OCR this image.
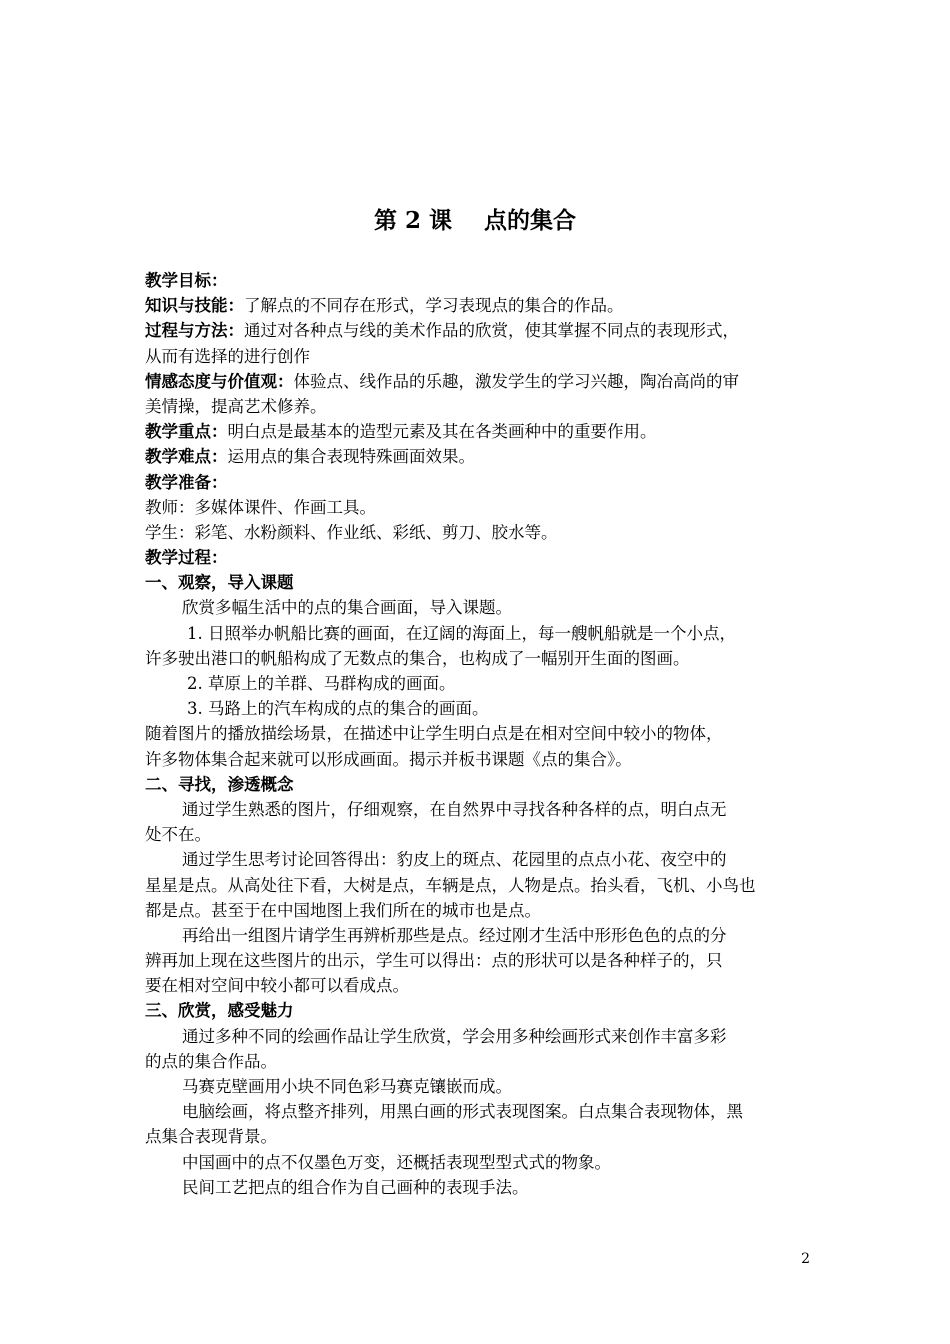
第 2 课    点的集合
教学目标：
知识与技能：了解点的不同存在形式，学习表现点的集合的作品。
过程与方法：通过对各种点与线的美术作品的欣赏，使其掌握不同点的表现形式，
从而有选择的进行创作
情感态度与价值观：体验点、线作品的乐趣，激发学生的学习兴趣，陶冶高尚的审
美情操，提高艺术修养。
教学重点：明白点是最基本的造型元素及其在各类画种中的重要作用。
教学难点：运用点的集合表现特殊画面效果。
教学准备：
教师：多媒体课件、作画工具。
学生：彩笔、水粉颜料、作业纸、彩纸、剪刀、胶水等。
教学过程：
一、观察，导入课题
欣赏多幅生活中的点的集合画面，导入课题。
1. 日照举办帆船比赛的画面，在辽阔的海面上，每一艘帆船就是一个小点，
许多驶出港口的帆船构成了无数点的集合，也构成了一幅别开生面的图画。
2. 草原上的羊群、马群构成的画面。
3. 马路上的汽车构成的点的集合的画面。
随着图片的播放描绘场景，在描述中让学生明白点是在相对空间中较小的物体，
许多物体集合起来就可以形成画面。揭示并板书课题《点的集合》。
二、寻找，渗透概念
通过学生熟悉的图片，仔细观察，在自然界中寻找各种各样的点，明白点无
处不在。
通过学生思考讨论回答得出：豹皮上的斑点、花园里的点点小花、夜空中的
星星是点。从高处往下看，大树是点，车辆是点，人物是点。抬头看，飞机、小鸟也
都是点。甚至于在中国地图上我们所在的城市也是点。
再给出一组图片请学生再辨析那些是点。经过刚才生活中形形色色的点的分
辨再加上现在这些图片的出示，学生可以得出：点的形状可以是各种样子的，只
要在相对空间中较小都可以看成点。
三、欣赏，感受魅力
通过多种不同的绘画作品让学生欣赏，学会用多种绘画形式来创作丰富多彩
的点的集合作品。
马赛克壁画用小块不同色彩马赛克镶嵌而成。
电脑绘画，将点整齐排列，用黑白画的形式表现图案。白点集合表现物体，黑
点集合表现背景。
中国画中的点不仅墨色万变，还概括表现型型式式的物象。
民间工艺把点的组合作为自己画种的表现手法。
2
